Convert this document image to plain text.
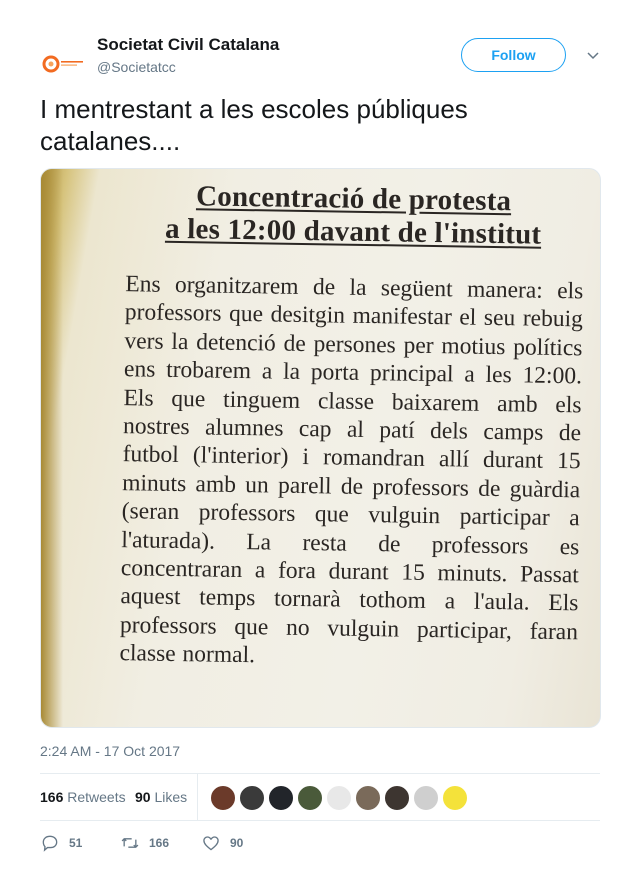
Societat Civil Catalana
@Societatcc
Follow
I mentrestant a les escoles públiques catalanes....
Concentració de protesta
a les 12:00 davant de l'institut
Ens organitzarem de la següent manera: els professors que desitgin manifestar el seu rebuig vers la detenció de persones per motius polítics ens trobarem a la porta principal a les 12:00. Els que tinguem classe baixarem amb els nostres alumnes cap al patí dels camps de futbol (l'interior) i romandran allí durant 15 minuts amb un parell de professors de guàrdia (seran professors que vulguin participar a l'aturada). La resta de professors es concentraran a fora durant 15 minuts. Passat aquest temps tornarà tothom a l'aula. Els professors que no vulguin participar, faran classe normal.
2:24 AM - 17 Oct 2017
166 Retweets 90 Likes
51	166	90
